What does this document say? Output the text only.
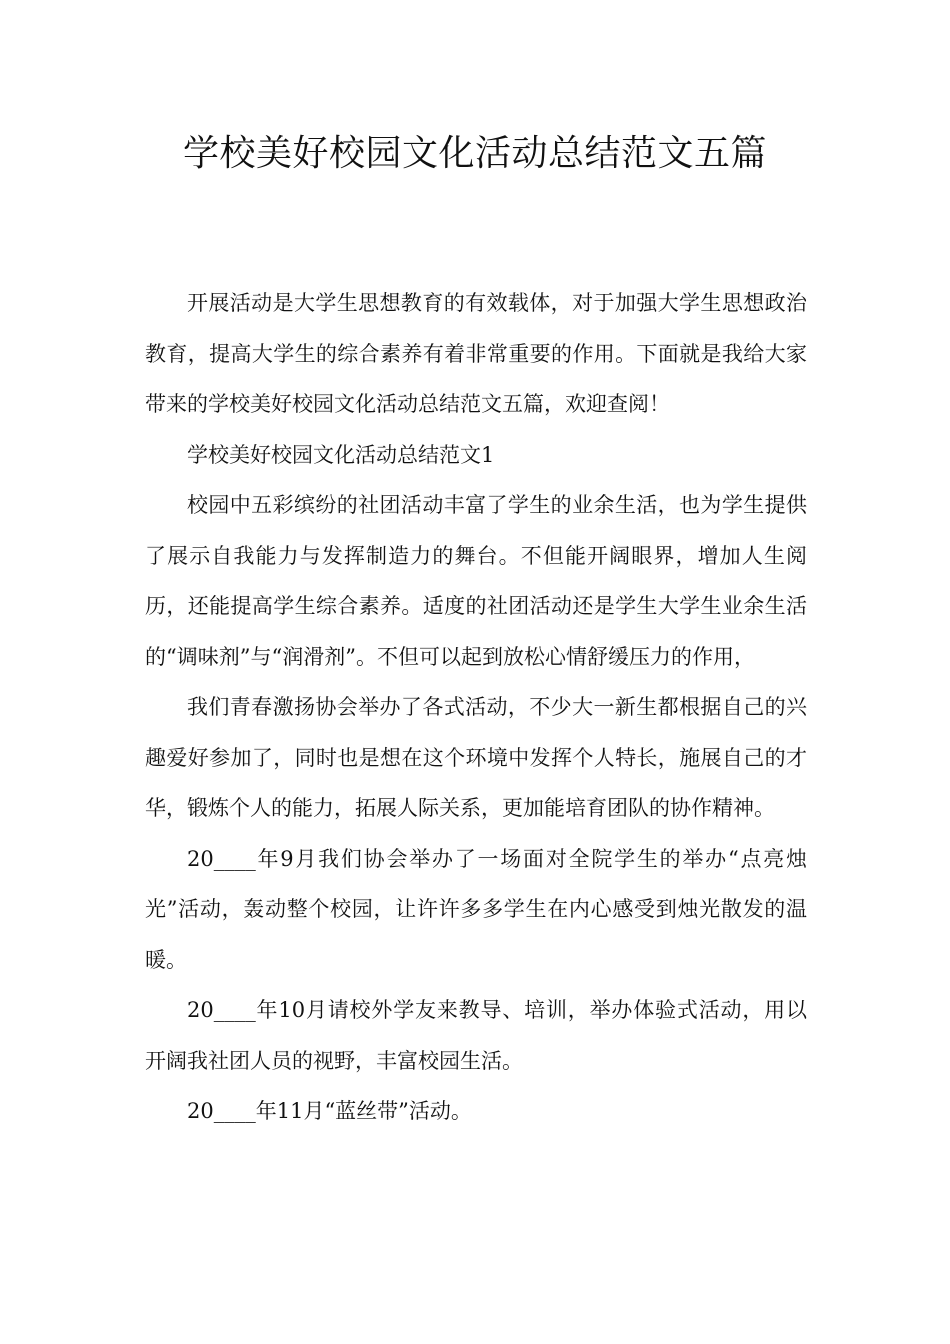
学校美好校园文化活动总结范文五篇

开展活动是大学生思想教育的有效载体，对于加强大学生思想政治教育，提高大学生的综合素养有着非常重要的作用。下面就是我给大家带来的学校美好校园文化活动总结范文五篇，欢迎查阅！

学校美好校园文化活动总结范文1

校园中五彩缤纷的社团活动丰富了学生的业余生活，也为学生提供了展示自我能力与发挥制造力的舞台。不但能开阔眼界，增加人生阅历，还能提高学生综合素养。适度的社团活动还是学生大学生业余生活的“调味剂”与“润滑剂”。不但可以起到放松心情舒缓压力的作用，

我们青春激扬协会举办了各式活动，不少大一新生都根据自己的兴趣爱好参加了，同时也是想在这个环境中发挥个人特长，施展自己的才华，锻炼个人的能力，拓展人际关系，更加能培育团队的协作精神。

20____年9月我们协会举办了一场面对全院学生的举办“点亮烛光”活动，轰动整个校园，让许许多多学生在内心感受到烛光散发的温暖。

20____年10月请校外学友来教导、培训，举办体验式活动，用以开阔我社团人员的视野，丰富校园生活。

20____年11月“蓝丝带”活动。
